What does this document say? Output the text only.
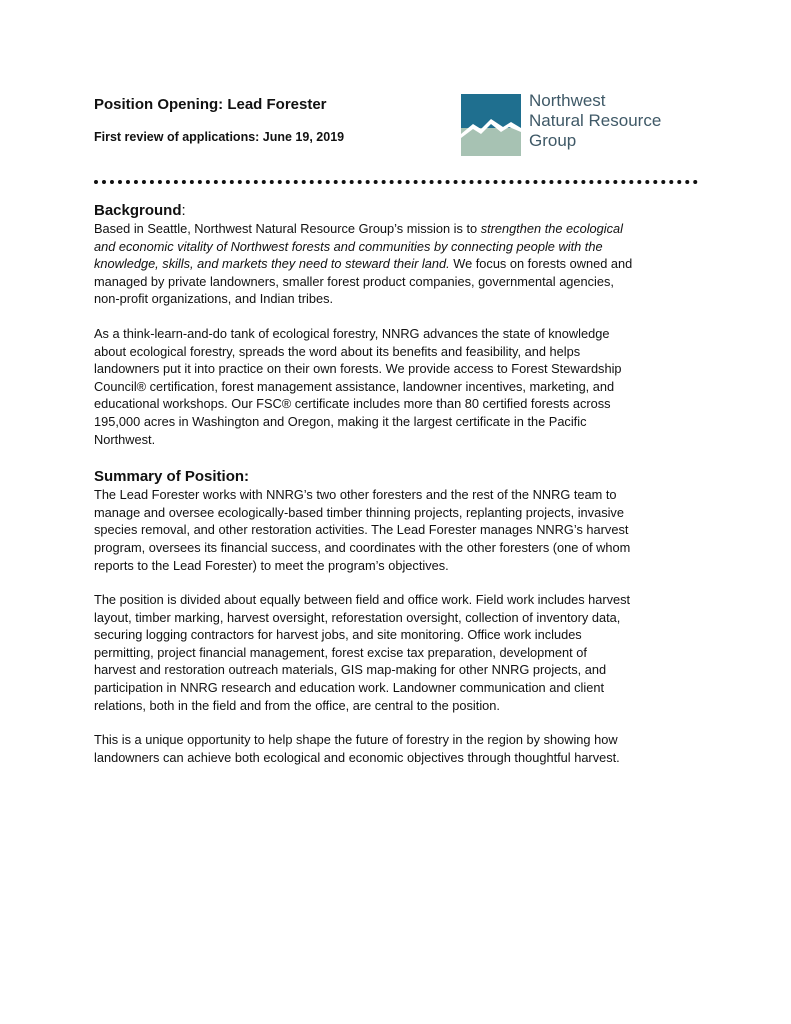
Position Opening: Lead Forester
First review of applications: June 19, 2019
Northwest
Natural Resource
Group
Background:

Based in Seattle, Northwest Natural Resource Group’s mission is to strengthen the ecological
and economic vitality of Northwest forests and communities by connecting people with the
knowledge, skills, and markets they need to steward their land. We focus on forests owned and
managed by private landowners, smaller forest product companies, governmental agencies,
non-profit organizations, and Indian tribes.

As a think-learn-and-do tank of ecological forestry, NNRG advances the state of knowledge
about ecological forestry, spreads the word about its benefits and feasibility, and helps
landowners put it into practice on their own forests. We provide access to Forest Stewardship
Council® certification, forest management assistance, landowner incentives, marketing, and
educational workshops. Our FSC® certificate includes more than 80 certified forests across
195,000 acres in Washington and Oregon, making it the largest certificate in the Pacific
Northwest.

Summary of Position:

The Lead Forester works with NNRG’s two other foresters and the rest of the NNRG team to
manage and oversee ecologically-based timber thinning projects, replanting projects, invasive
species removal, and other restoration activities. The Lead Forester manages NNRG’s harvest
program, oversees its financial success, and coordinates with the other foresters (one of whom
reports to the Lead Forester) to meet the program’s objectives.

The position is divided about equally between field and office work. Field work includes harvest
layout, timber marking, harvest oversight, reforestation oversight, collection of inventory data,
securing logging contractors for harvest jobs, and site monitoring. Office work includes
permitting, project financial management, forest excise tax preparation, development of
harvest and restoration outreach materials, GIS map-making for other NNRG projects, and
participation in NNRG research and education work. Landowner communication and client
relations, both in the field and from the office, are central to the position.

This is a unique opportunity to help shape the future of forestry in the region by showing how
landowners can achieve both ecological and economic objectives through thoughtful harvest.
